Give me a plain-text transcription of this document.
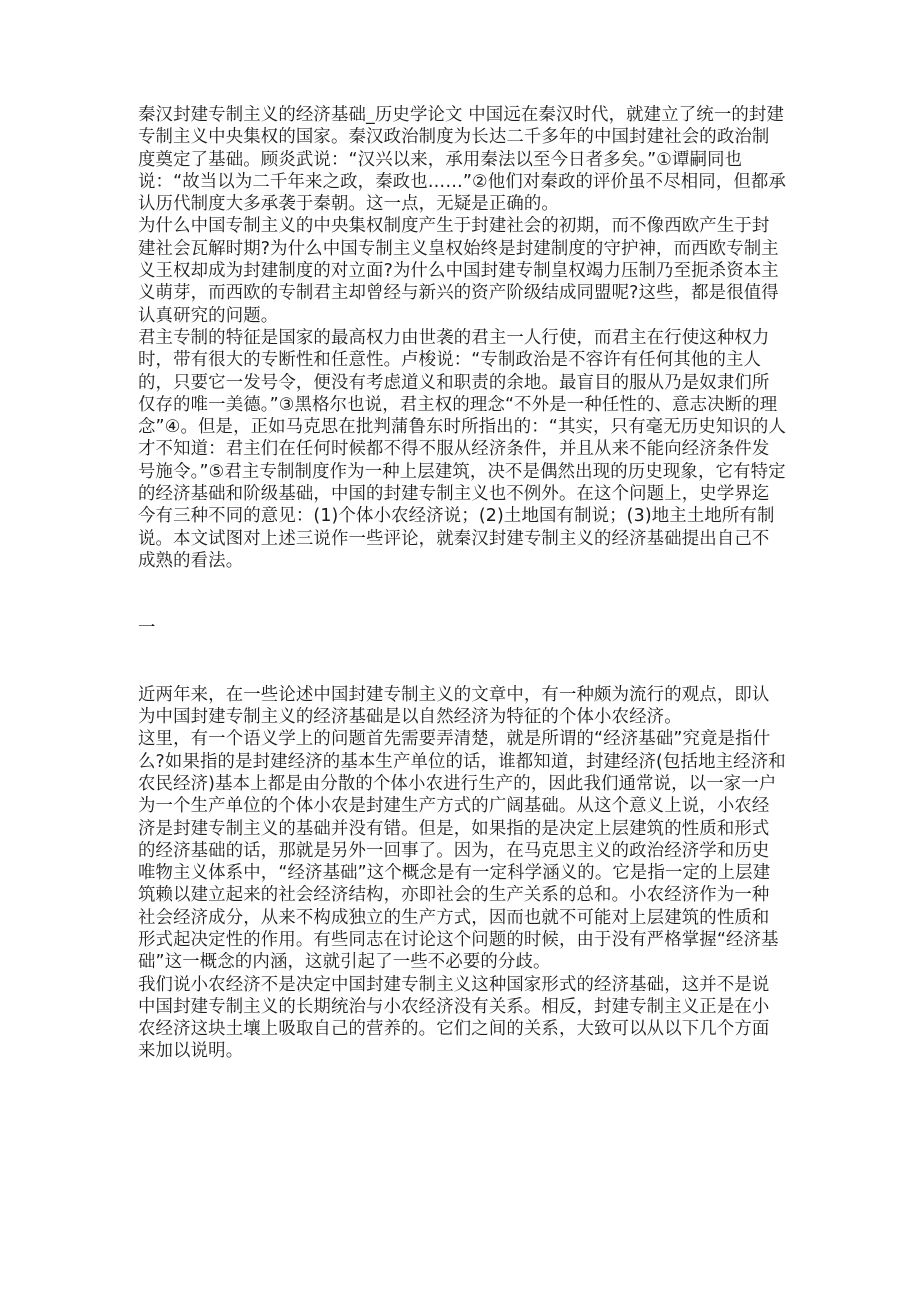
秦汉封建专制主义的经济基础_历史学论文 中国远在秦汉时代，就建立了统一的封建专制主义中央集权的国家。秦汉政治制度为长达二千多年的中国封建社会的政治制度奠定了基础。顾炎武说：“汉兴以来，承用秦法以至今日者多矣。”①谭嗣同也说：“故当以为二千年来之政，秦政也……”②他们对秦政的评价虽不尽相同，但都承认历代制度大多承袭于秦朝。这一点，无疑是正确的。

为什么中国专制主义的中央集权制度产生于封建社会的初期，而不像西欧产生于封建社会瓦解时期?为什么中国专制主义皇权始终是封建制度的守护神，而西欧专制主义王权却成为封建制度的对立面?为什么中国封建专制皇权竭力压制乃至扼杀资本主义萌芽，而西欧的专制君主却曾经与新兴的资产阶级结成同盟呢?这些，都是很值得认真研究的问题。

君主专制的特征是国家的最高权力由世袭的君主一人行使，而君主在行使这种权力时，带有很大的专断性和任意性。卢梭说：“专制政治是不容许有任何其他的主人的，只要它一发号令，便没有考虑道义和职责的余地。最盲目的服从乃是奴隶们所仅存的唯一美德。”③黑格尔也说，君主权的理念“不外是一种任性的、意志决断的理念”④。但是，正如马克思在批判蒲鲁东时所指出的：“其实，只有毫无历史知识的人才不知道：君主们在任何时候都不得不服从经济条件，并且从来不能向经济条件发号施令。”⑤君主专制制度作为一种上层建筑，决不是偶然出现的历史现象，它有特定的经济基础和阶级基础，中国的封建专制主义也不例外。在这个问题上，史学界迄今有三种不同的意见：(1)个体小农经济说；(2)土地国有制说；(3)地主土地所有制说。本文试图对上述三说作一些评论，就秦汉封建专制主义的经济基础提出自己不成熟的看法。

一

近两年来，在一些论述中国封建专制主义的文章中，有一种颇为流行的观点，即认为中国封建专制主义的经济基础是以自然经济为特征的个体小农经济。

这里，有一个语义学上的问题首先需要弄清楚，就是所谓的“经济基础”究竟是指什么?如果指的是封建经济的基本生产单位的话，谁都知道，封建经济(包括地主经济和农民经济)基本上都是由分散的个体小农进行生产的，因此我们通常说，以一家一户为一个生产单位的个体小农是封建生产方式的广阔基础。从这个意义上说，小农经济是封建专制主义的基础并没有错。但是，如果指的是决定上层建筑的性质和形式的经济基础的话，那就是另外一回事了。因为，在马克思主义的政治经济学和历史唯物主义体系中，“经济基础”这个概念是有一定科学涵义的。它是指一定的上层建筑赖以建立起来的社会经济结构，亦即社会的生产关系的总和。小农经济作为一种社会经济成分，从来不构成独立的生产方式，因而也就不可能对上层建筑的性质和形式起决定性的作用。有些同志在讨论这个问题的时候，由于没有严格掌握“经济基础”这一概念的内涵，这就引起了一些不必要的分歧。

我们说小农经济不是决定中国封建专制主义这种国家形式的经济基础，这并不是说中国封建专制主义的长期统治与小农经济没有关系。相反，封建专制主义正是在小农经济这块土壤上吸取自己的营养的。它们之间的关系，大致可以从以下几个方面来加以说明。
